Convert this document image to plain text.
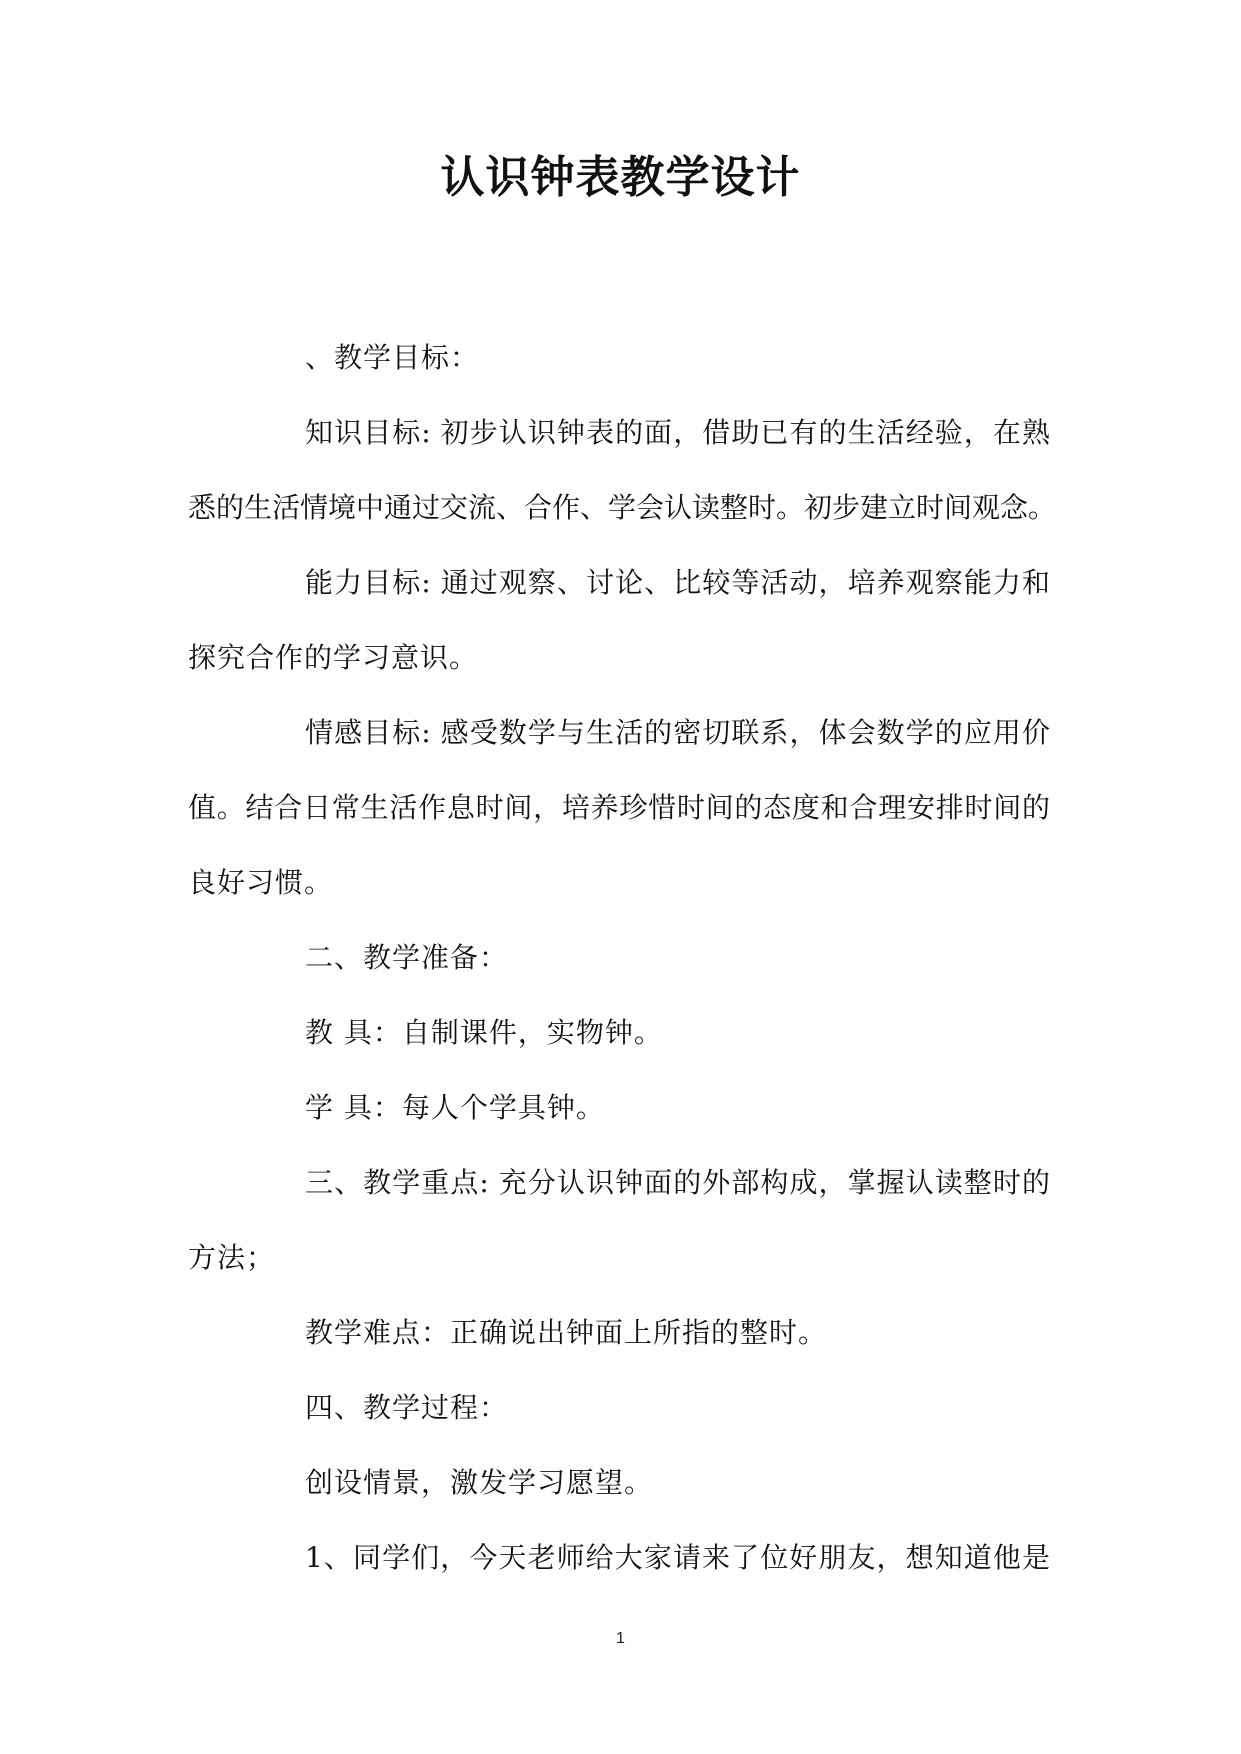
认识钟表教学设计
、教学目标：
知识目标: 初步认识钟表的面，借助已有的生活经验，在熟
悉的生活情境中通过交流、合作、学会认读整时。初步建立时间观念。
能力目标: 通过观察、讨论、比较等活动，培养观察能力和
探究合作的学习意识。
情感目标: 感受数学与生活的密切联系，体会数学的应用价
值。结合日常生活作息时间，培养珍惜时间的态度和合理安排时间的
良好习惯。
二、教学准备：
教 具：自制课件，实物钟。
学 具：每人个学具钟。
三、教学重点: 充分认识钟面的外部构成，掌握认读整时的
方法；
教学难点：正确说出钟面上所指的整时。
四、教学过程：
创设情景，激发学习愿望。
1、同学们，今天老师给大家请来了位好朋友，想知道他是
1
